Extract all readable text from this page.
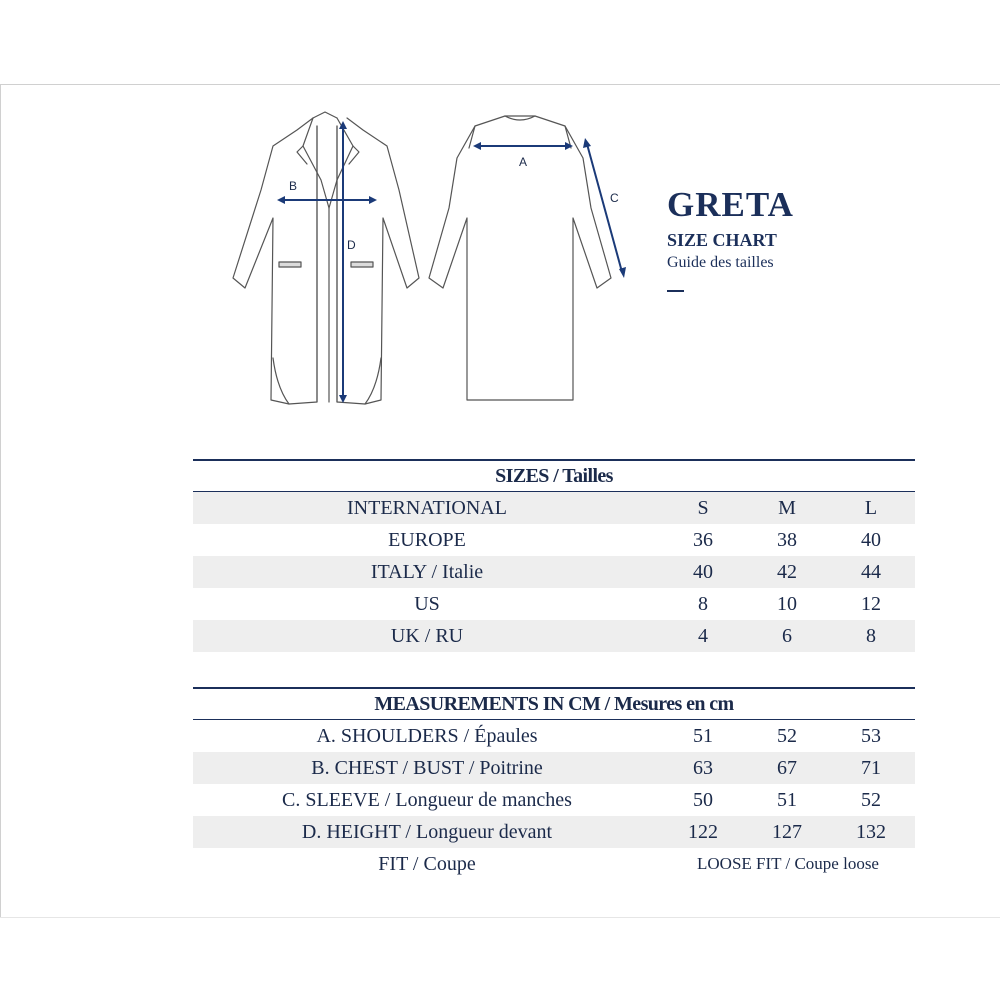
B
D
A
C GRETA
SIZE CHART
Guide des tailles
SIZES / Tailles
INTERNATIONAL	S	M	L
EUROPE	36	38	40
ITALY / Italie	40	42	44
US	8	10	12
UK / RU	4	6	8
MEASUREMENTS IN CM / Mesures en cm
A. SHOULDERS / Épaules	51	52	53
B. CHEST / BUST / Poitrine	63	67	71
C. SLEEVE / Longueur de manches	50	51	52
D. HEIGHT / Longueur devant	122	127	132
FIT / Coupe	LOOSE FIT / Coupe loose
